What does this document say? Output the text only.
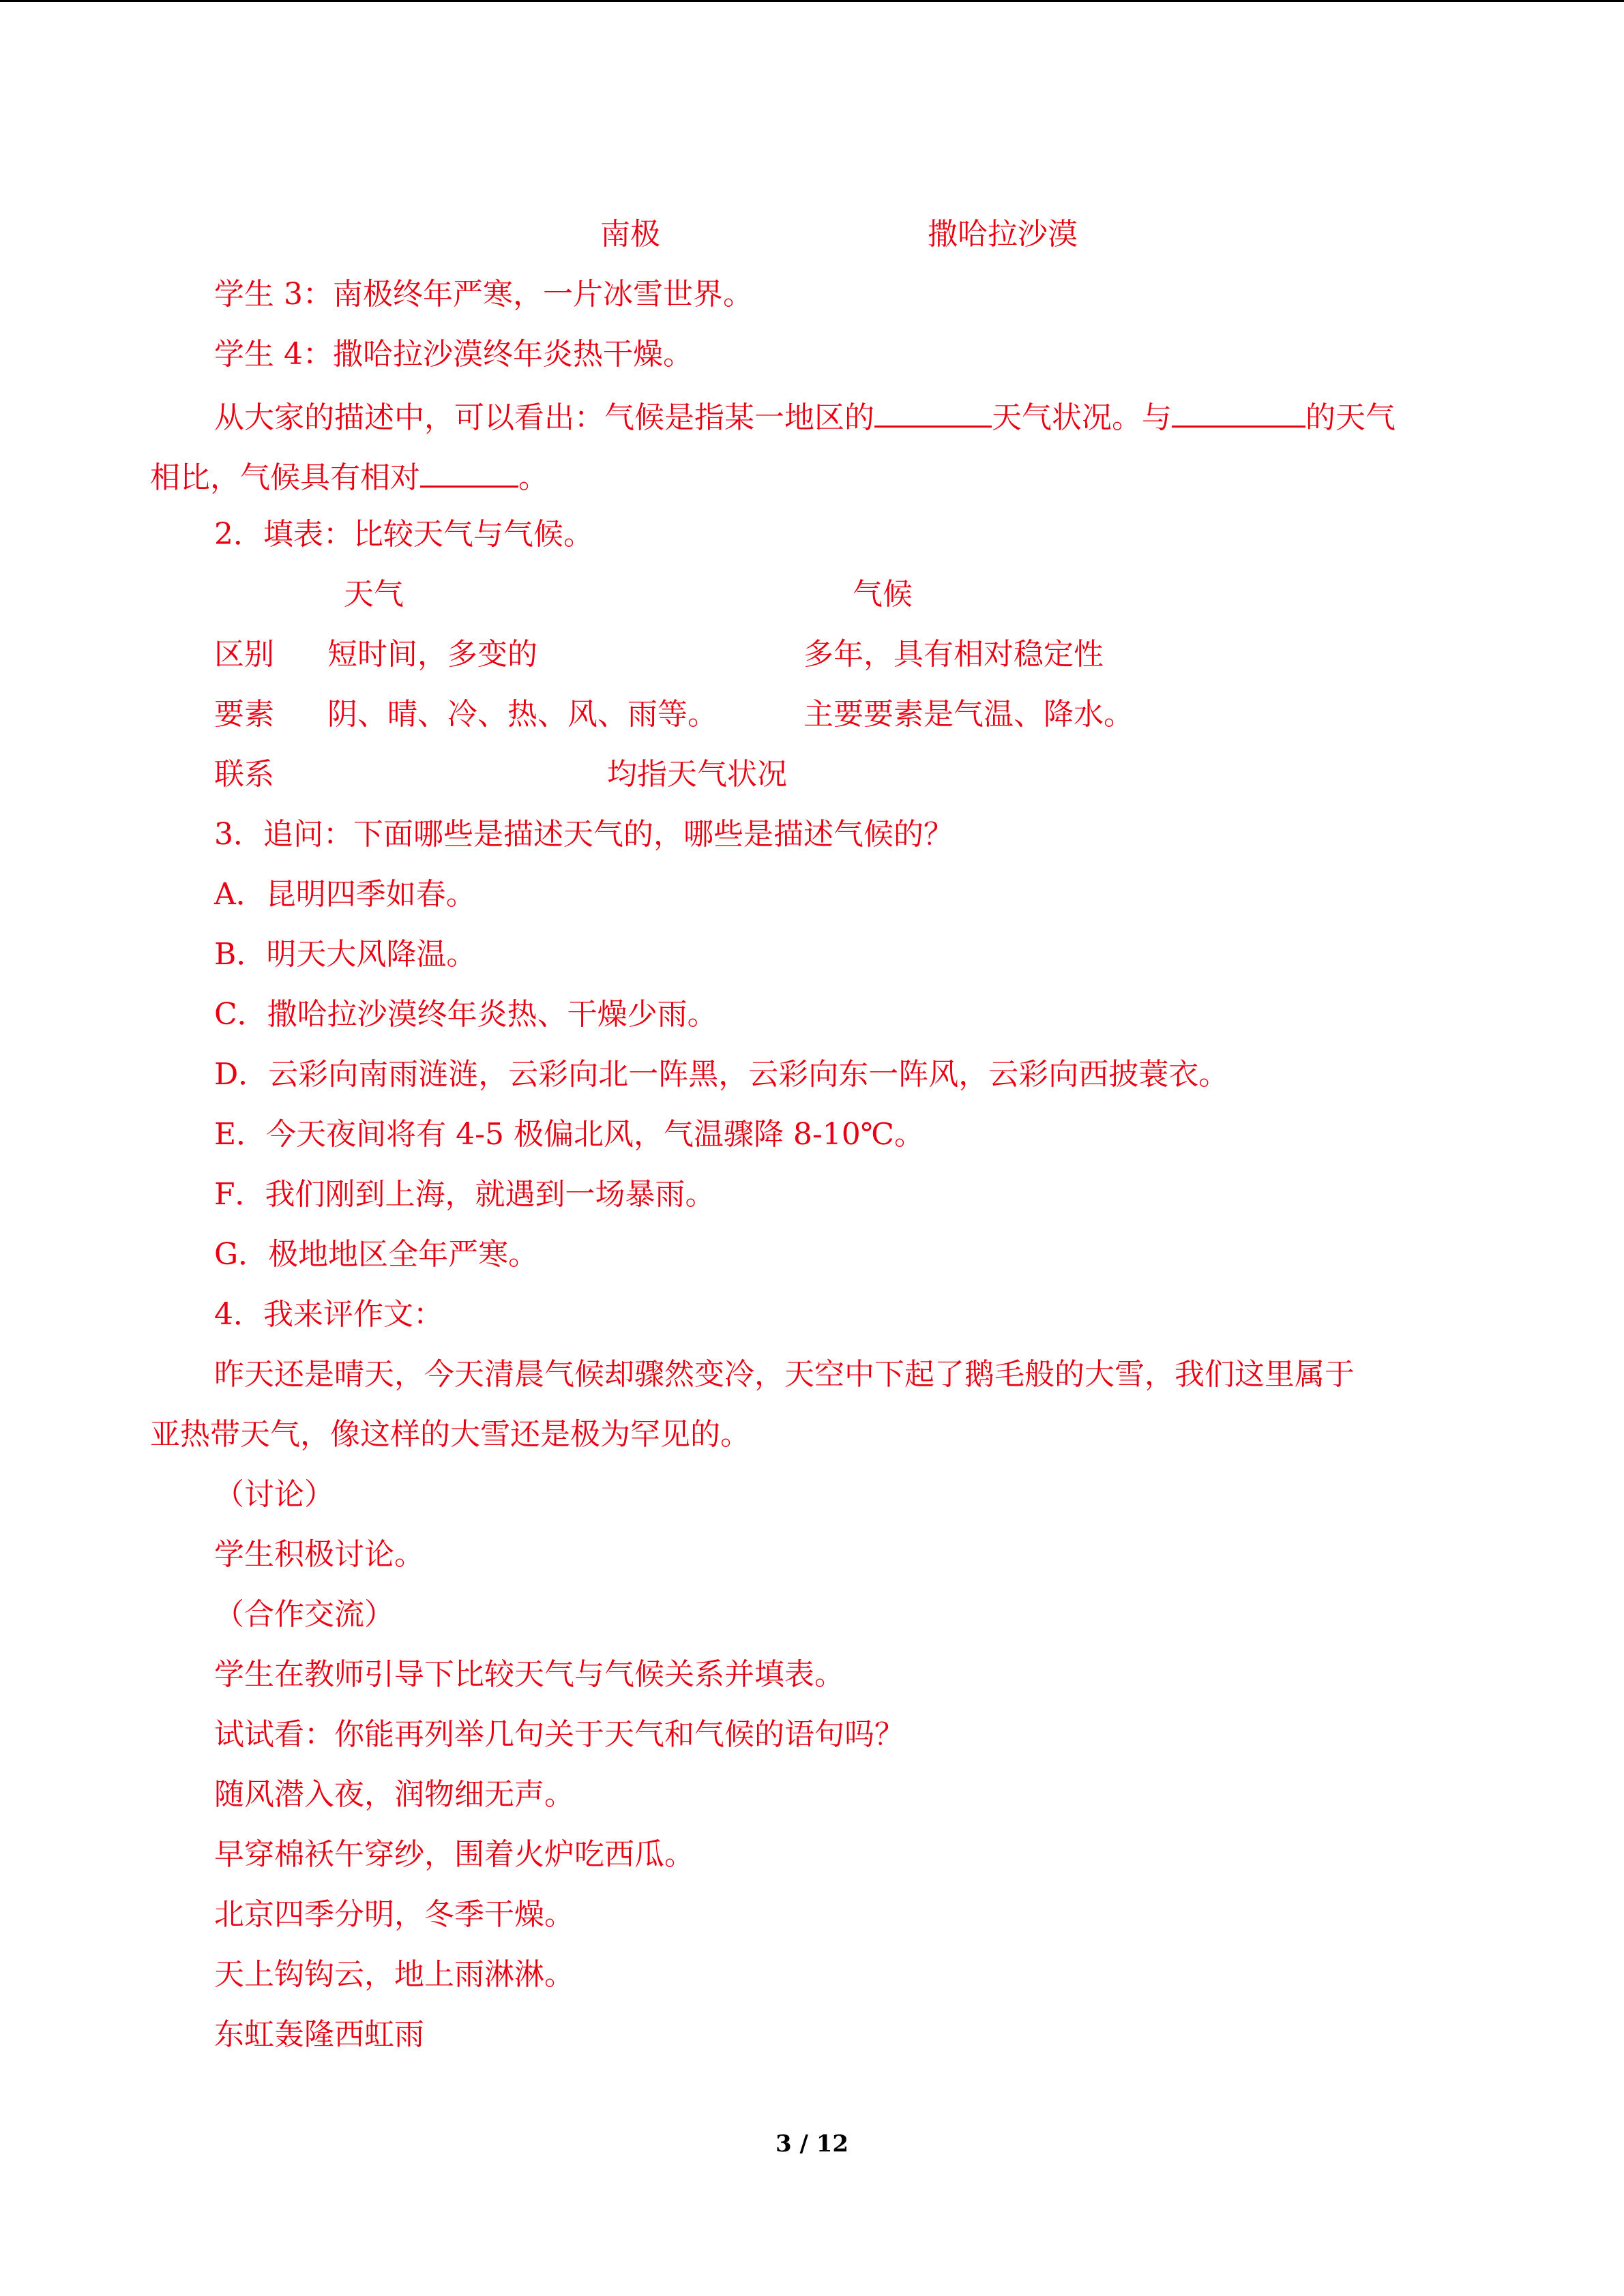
南极	撒哈拉沙漠
学生 3：南极终年严寒，一片冰雪世界。
学生 4：撒哈拉沙漠终年炎热干燥。
从大家的描述中，可以看出：气候是指某一地区的	天气状况。与	的天气
相比，气候具有相对	。
2．填表：比较天气与气候。
天气	气候
区别 短时间，多变的	多年，具有相对稳定性
要素 阴、晴、冷、热、风、雨等。	主要要素是气温、降水。
联系	均指天气状况
3．追问：下面哪些是描述天气的，哪些是描述气候的？
A．昆明四季如春。
B．明天大风降温。
C．撒哈拉沙漠终年炎热、干燥少雨。
D．云彩向南雨涟涟，云彩向北一阵黑，云彩向东一阵风，云彩向西披蓑衣。
E．今天夜间将有 4-5 极偏北风，气温骤降 8-10℃。
F．我们刚到上海，就遇到一场暴雨。
G．极地地区全年严寒。
4．我来评作文：
昨天还是晴天，今天清晨气候却骤然变冷，天空中下起了鹅毛般的大雪，我们这里属于
亚热带天气，像这样的大雪还是极为罕见的。
（讨论）
学生积极讨论。
（合作交流）
学生在教师引导下比较天气与气候关系并填表。
试试看：你能再列举几句关于天气和气候的语句吗？
随风潜入夜，润物细无声。
早穿棉袄午穿纱，围着火炉吃西瓜。
北京四季分明，冬季干燥。
天上钩钩云，地上雨淋淋。
东虹轰隆西虹雨
3 / 12
